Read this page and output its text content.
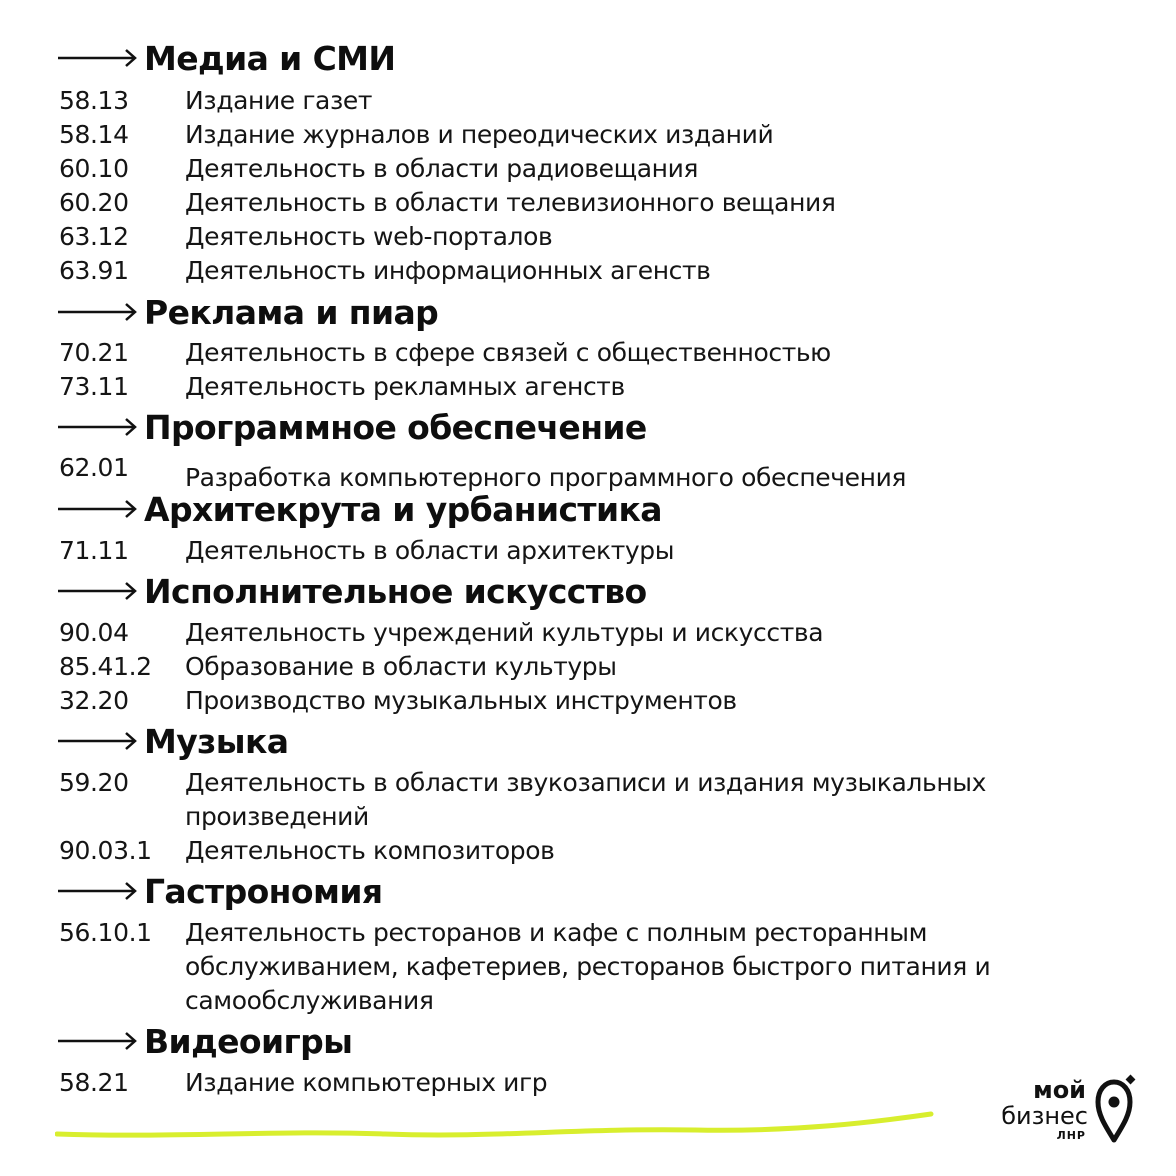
Медиа и СМИ
58.13 Издание газет
58.14 Издание журналов и переодических изданий
60.10 Деятельность в области радиовещания
60.20 Деятельность в области телевизионного вещания
63.12 Деятельность web-порталов
63.91 Деятельность информационных агенств
Реклама и пиар
70.21 Деятельность в сфере связей с общественностью
73.11 Деятельность рекламных агенств
Программное обеспечение
62.01 Разработка компьютерного программного обеспечения
Архитекрута и урбанистика
71.11 Деятельность в области архитектуры
Исполнительное искусство
90.04 Деятельность учреждений культуры и искусства
85.41.2 Образование в области культуры
32.20 Производство музыкальных инструментов
Музыка
59.20 Деятельность в области звукозаписи и издания музыкальных
произведений
90.03.1 Деятельность композиторов
Гастрономия
56.10.1 Деятельность ресторанов и кафе с полным ресторанным
обслуживанием, кафетериев, ресторанов быстрого питания и
самообслуживания
Видеоигры
58.21 Издание компьютерных игр	мой
бизнес
ЛНР
